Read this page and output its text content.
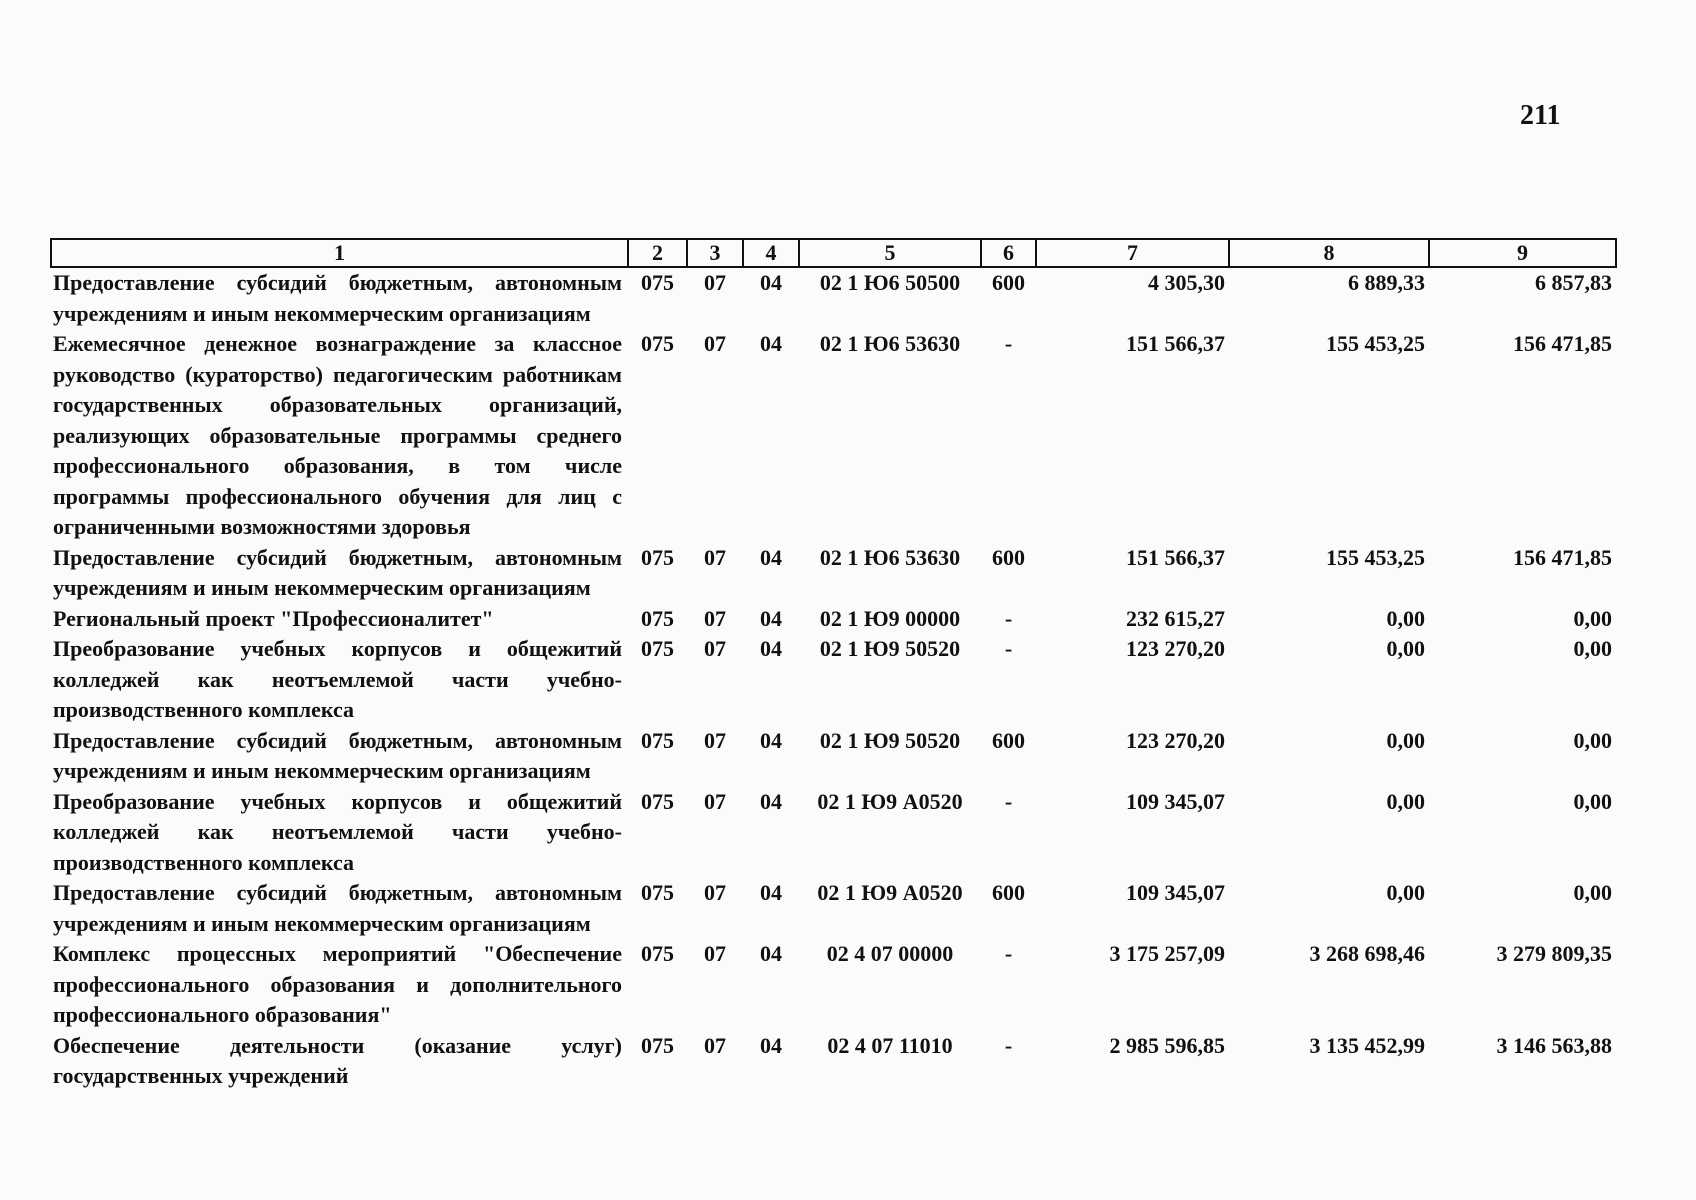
211
1	2	3	4	5	6	7	8	9
Предоставление субсидий бюджетным, автономным учреждениям и иным некоммерческим организациям	075	07	04	02 1 Ю6 50500	600	4 305,30	6 889,33	6 857,83
Ежемесячное денежное вознаграждение за классное руководство (кураторство) педагогическим работникам государственных образовательных организаций, реализующих образовательные программы среднего профессионального образования, в том числе программы профессионального обучения для лиц с ограниченными возможностями здоровья	075	07	04	02 1 Ю6 53630	-	151 566,37	155 453,25	156 471,85
Предоставление субсидий бюджетным, автономным учреждениям и иным некоммерческим организациям	075	07	04	02 1 Ю6 53630	600	151 566,37	155 453,25	156 471,85
Региональный проект "Профессионалитет"	075	07	04	02 1 Ю9 00000	-	232 615,27	0,00	0,00
Преобразование учебных корпусов и общежитий колледжей как неотъемлемой части учебно-производственного комплекса	075	07	04	02 1 Ю9 50520	-	123 270,20	0,00	0,00
Предоставление субсидий бюджетным, автономным учреждениям и иным некоммерческим организациям	075	07	04	02 1 Ю9 50520	600	123 270,20	0,00	0,00
Преобразование учебных корпусов и общежитий колледжей как неотъемлемой части учебно-производственного комплекса	075	07	04	02 1 Ю9 А0520	-	109 345,07	0,00	0,00
Предоставление субсидий бюджетным, автономным учреждениям и иным некоммерческим организациям	075	07	04	02 1 Ю9 А0520	600	109 345,07	0,00	0,00
Комплекс процессных мероприятий "Обеспечение профессионального образования и дополнительного профессионального образования"	075	07	04	02 4 07 00000	-	3 175 257,09	3 268 698,46	3 279 809,35
Обеспечение деятельности (оказание услуг) государственных учреждений	075	07	04	02 4 07 11010	-	2 985 596,85	3 135 452,99	3 146 563,88
